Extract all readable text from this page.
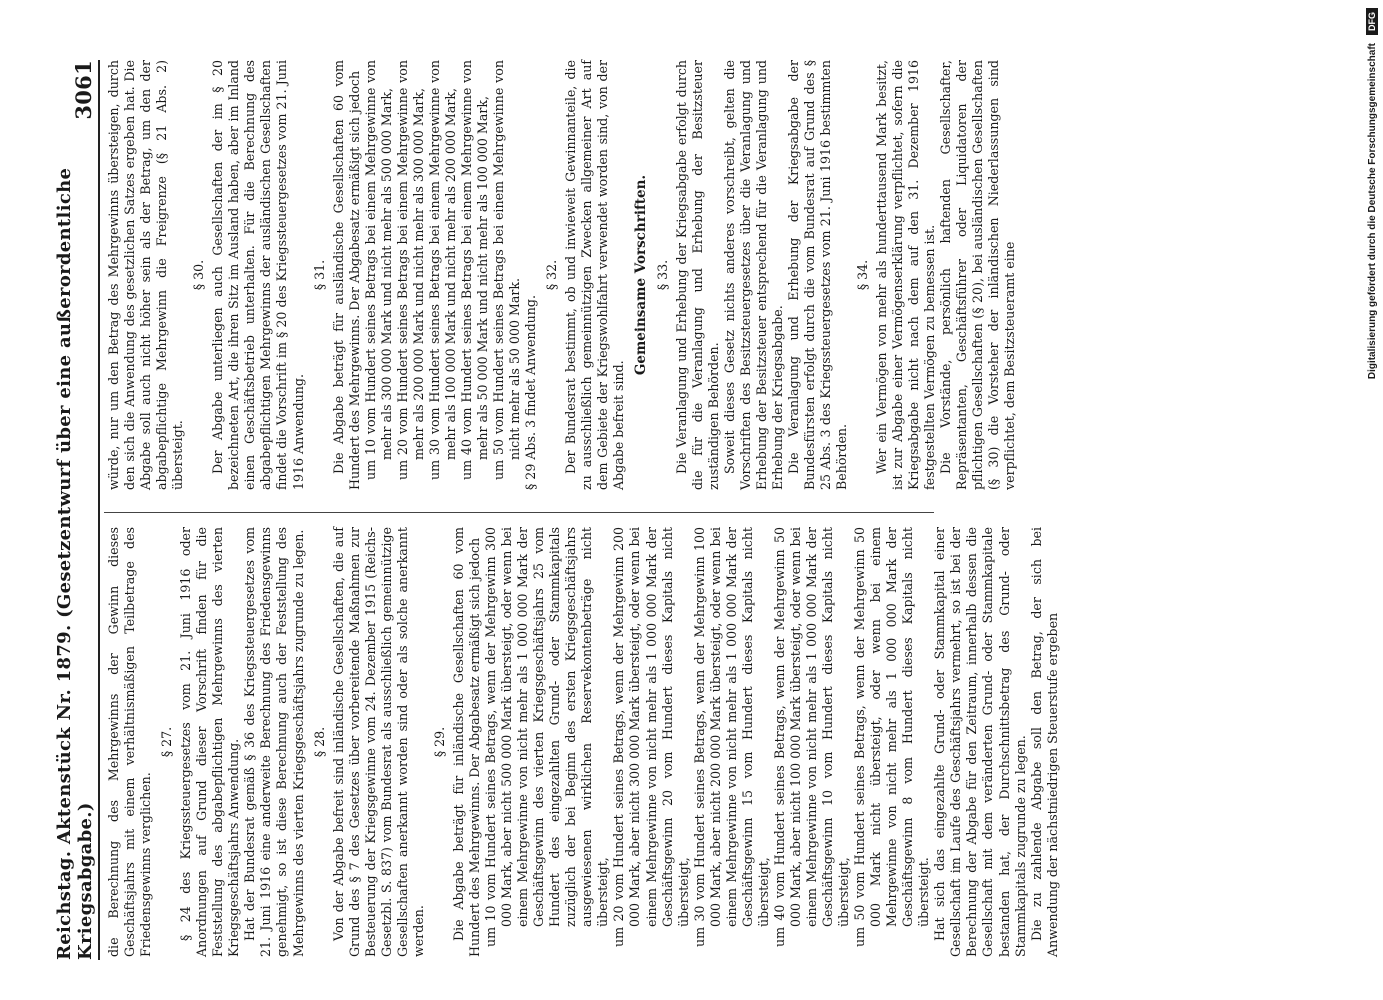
Reichstag. Aktenstück Nr. 1879. (Gesetzentwurf über eine außerordentliche Kriegsabgabe.)
3061

die Berechnung des Mehrgewinns der Gewinn dieses Geschäftsjahrs mit einem verhältnismäßigen Teilbetrage des Friedensgewinns verglichen.

§ 27. § 24 des Kriegssteuergesetzes vom 21. Juni 1916 oder Anordnungen auf Grund dieser Vorschrift finden für die Feststellung des abgabepflichtigen Mehrgewinns des vierten Kriegsgeschäftsjahrs Anwendung. Hat der Bundesrat gemäß § 36 des Kriegssteuergesetzes vom 21. Juni 1916 eine anderweite Berechnung des Friedensgewinns genehmigt, so ist diese Berechnung auch der Feststellung des Mehrgewinns des vierten Kriegsgeschäftsjahrs zugrunde zu legen. § 28. Von der Abgabe befreit sind inländische Gesellschaften, die auf Grund des § 7 des Gesetzes über vorbereitende Maßnahmen zur Besteuerung der Kriegsgewinne vom 24. Dezember 1915 (Reichs-Gesetzbl. S. 837) vom Bundesrat als ausschließlich gemeinnützige Gesellschaften anerkannt worden sind oder als solche anerkannt werden.

§ 29. Die Abgabe beträgt für inländische Gesellschaften 60 vom Hundert des Mehrgewinns. Der Abgabesatz ermäßigt sich jedoch um 10 vom Hundert seines Betrags, wenn der Mehrgewinn 300 000 Mark, aber nicht 500 000 Mark übersteigt, oder wenn bei einem Mehrgewinne von nicht mehr als 1 000 000 Mark der Geschäftsgewinn des vierten Kriegsgeschäftsjahrs 25 vom Hundert des eingezahlten Grund- oder Stammkapitals zuzüglich der bei Beginn des ersten Kriegsgeschäftsjahrs ausgewiesenen wirklichen Reservekontenbeträge nicht übersteigt, um 20 vom Hundert seines Betrags, wenn der Mehrgewinn 200 000 Mark, aber nicht 300 000 Mark übersteigt, oder wenn bei einem Mehrgewinne von nicht mehr als 1 000 000 Mark der Geschäftsgewinn 20 vom Hundert dieses Kapitals nicht übersteigt, um 30 vom Hundert seines Betrags, wenn der Mehrgewinn 100 000 Mark, aber nicht 200 000 Mark übersteigt, oder wenn bei einem Mehrgewinne von nicht mehr als 1 000 000 Mark der Geschäftsgewinn 15 vom Hundert dieses Kapitals nicht übersteigt, um 40 vom Hundert seines Betrags, wenn der Mehrgewinn 50 000 Mark, aber nicht 100 000 Mark übersteigt, oder wenn bei einem Mehrgewinne von nicht mehr als 1 000 000 Mark der Geschäftsgewinn 10 vom Hundert dieses Kapitals nicht übersteigt, um 50 vom Hundert seines Betrags, wenn der Mehrgewinn 50 000 Mark nicht übersteigt, oder wenn bei einem Mehrgewinne von nicht mehr als 1 000 000 Mark der Geschäftsgewinn 8 vom Hundert dieses Kapitals nicht übersteigt. Hat sich das eingezahlte Grund- oder Stammkapital einer Gesellschaft im Laufe des Geschäftsjahrs vermehrt, so ist bei der Berechnung der Abgabe für den Zeitraum, innerhalb dessen die Gesellschaft mit dem veränderten Grund- oder Stammkapitale bestanden hat, der Durchschnittsbetrag des Grund- oder Stammkapitals zugrunde zu legen. Die zu zahlende Abgabe soll den Betrag, der sich bei Anwendung der nächstniedrigen Steuerstufe ergeben

würde, nur um den Betrag des Mehrgewinns übersteigen, durch den sich die Anwendung des gesetzlichen Satzes ergeben hat. Die Abgabe soll auch nicht höher sein als der Betrag, um den der abgabepflichtige Mehrgewinn die Freigrenze (§ 21 Abs. 2) übersteigt.

§ 30. Der Abgabe unterliegen auch Gesellschaften der im § 20 bezeichneten Art, die ihren Sitz im Ausland haben, aber im Inland einen Geschäftsbetrieb unterhalten. Für die Berechnung des abgabepflichtigen Mehrgewinns der ausländischen Gesellschaften findet die Vorschrift im § 20 des Kriegssteuergesetzes vom 21. Juni 1916 Anwendung.

§ 31. Die Abgabe beträgt für ausländische Gesellschaften 60 vom Hundert des Mehrgewinns. Der Abgabesatz ermäßigt sich jedoch um 10 vom Hundert seines Betrags bei einem Mehrgewinne von mehr als 300 000 Mark und nicht mehr als 500 000 Mark, um 20 vom Hundert seines Betrags bei einem Mehrgewinne von mehr als 200 000 Mark und nicht mehr als 300 000 Mark, um 30 vom Hundert seines Betrags bei einem Mehrgewinne von mehr als 100 000 Mark und nicht mehr als 200 000 Mark, um 40 vom Hundert seines Betrags bei einem Mehrgewinne von mehr als 50 000 Mark und nicht mehr als 100 000 Mark, um 50 vom Hundert seines Betrags bei einem Mehrgewinne von nicht mehr als 50 000 Mark. § 29 Abs. 3 findet Anwendung.

§ 32. Der Bundesrat bestimmt, ob und inwieweit Gewinnanteile, die zu ausschließlich gemeinnützigen Zwecken allgemeiner Art auf dem Gebiete der Kriegswohlfahrt verwendet worden sind, von der Abgabe befreit sind.

Gemeinsame Vorschriften. § 33. Die Veranlagung und Erhebung der Kriegsabgabe erfolgt durch die für die Veranlagung und Erhebung der Besitzsteuer zuständigen Behörden. Soweit dieses Gesetz nichts anderes vorschreibt, gelten die Vorschriften des Besitzsteuergesetzes über die Veranlagung und Erhebung der Besitzsteuer entsprechend für die Veranlagung und Erhebung der Kriegsabgabe. Die Veranlagung und Erhebung der Kriegsabgabe der Bundesfürsten erfolgt durch die vom Bundesrat auf Grund des § 25 Abs. 3 des Kriegssteuergesetzes vom 21. Juni 1916 bestimmten Behörden.

§ 34. Wer ein Vermögen von mehr als hunderttausend Mark besitzt, ist zur Abgabe einer Vermögenserklärung verpflichtet, sofern die Kriegsabgabe nicht nach dem auf den 31. Dezember 1916 festgestellten Vermögen zu bemessen ist. Die Vorstände, persönlich haftenden Gesellschafter, Repräsentanten, Geschäftsführer oder Liquidatoren der pflichtigen Gesellschaften (§ 20), bei ausländischen Gesellschaften (§ 30) die Vorsteher der inländischen Niederlassungen sind verpflichtet, dem Besitzsteueramt eine	Digitalisierung gefördert durch die Deutsche Forschungsgemeinschaft
DFG
